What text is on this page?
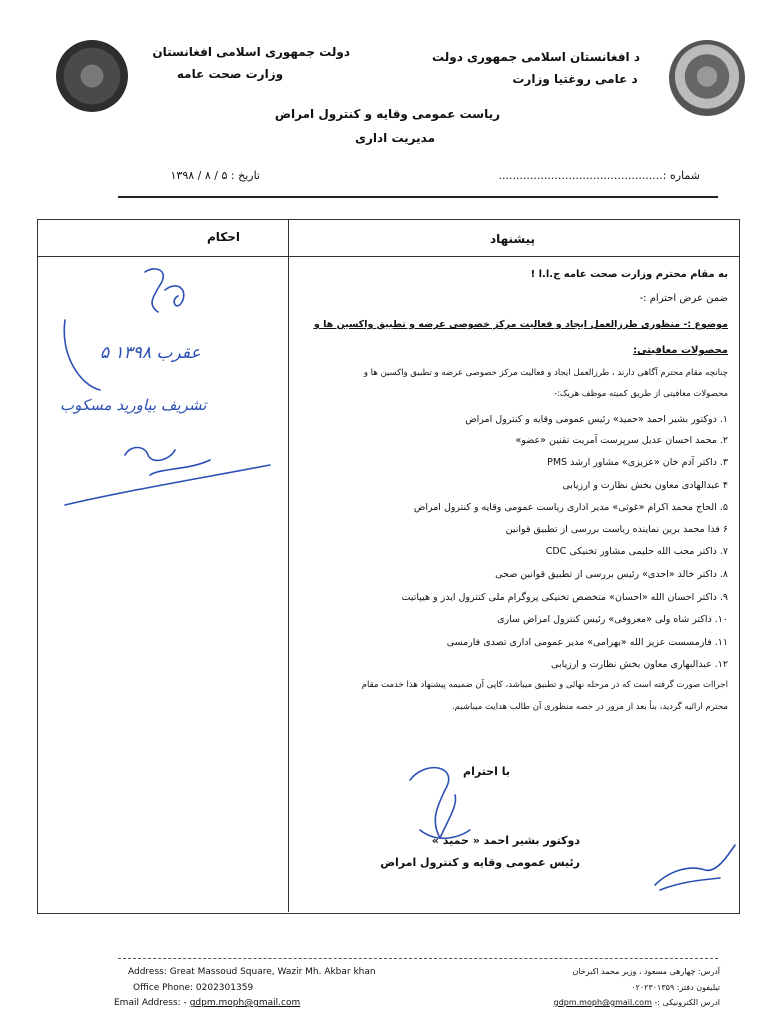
دولت جمهوری اسلامی افغانستان
وزارت صحت عامه
د افغانستان اسلامی جمهوری دولت
د عامی روغتیا وزارت
ریاست عمومی وقایه و کنترول امراض
مدیریت اداری
شماره :...............................................
تاریخ : ۵ / ۸ / ۱۳۹۸
پیشنهاد
احکام
به مقام محترم وزارت صحت عامه ج.ا.ا !
ضمن عرض احترام :-
موضوع :- منظوری طرزالعمل ایجاد و فعالیت مرکز خصوصی عرضه و تطبیق واکسین ها و
محصولات معافیتی:
چنانچه مقام محترم آگاهی دارند ، طرزالعمل ایجاد و فعالیت مرکز خصوصی عرضه و تطبیق واکسین ها و
محصولات معافیتی از طریق کمیته موظف هریک:-
۱. دوکتور بشیر احمد «حمید» رئیس عمومی وقایه و کنترول امراض
۲. محمد احسان عدیل سرپرست آمریت تقنین «عضو»
۳. داکتر آدم خان «عزیزی» مشاور ارشد PMS
۴ عبدالهادی معاون بخش نظارت و ارزیابی
۵. الحاج محمد اکرام «غوثی» مدیر اداری ریاست عمومی وقایه و کنترول امراض
۶ فدا محمد برین نماینده ریاست بررسی از تطبیق قوانین
۷. داکتر محب الله حلیمی مشاور تخنیکی CDC
۸. داکتر خالد «احدی» رئیس بررسی از تطبیق قوانین صحی
۹. داکتر احسان الله «احسان» متخصص تخنیکی پروگرام ملی کنترول ایدز و هیپاتیت
۱۰. داکتر شاه ولی «معروفی» رئیس کنترول امراض ساری
۱۱. فارمسست عزیز الله «بهرامی» مدیر عمومی اداری تصدی فارمسی
۱۲. عبدالبهاری معاون بخش نظارت و ارزیابی
اجراات صورت گرفته است که در مرحله نهائی و تطبیق میباشد، کاپی آن ضمیمه پیشنهاد هذا خدمت مقام
محترم ارائیه گردید، بنأ بعد از مرور در حصه منظوری آن طالب هدایت میباشیم.
با احترام
دوکتور بشیر احمد « حمید »
رئیس عمومی وقایه و کنترول امراض
۵ عقرب ۱۳۹۸
تشریف بیاورید مسکوب
Address: Great Massoud Square, Wazir Mh. Akbar khan
Office Phone: 0202301359
Email Address: - gdpm.moph@gmail.com
آدرس: چهارهی مسعود ، وزیر محمد اکبرخان
تیلیفون دفتر: ۰۲۰۲۳۰۱۳۵۹
ادرس الکترونیکی :- gdpm.moph@gmail.com
